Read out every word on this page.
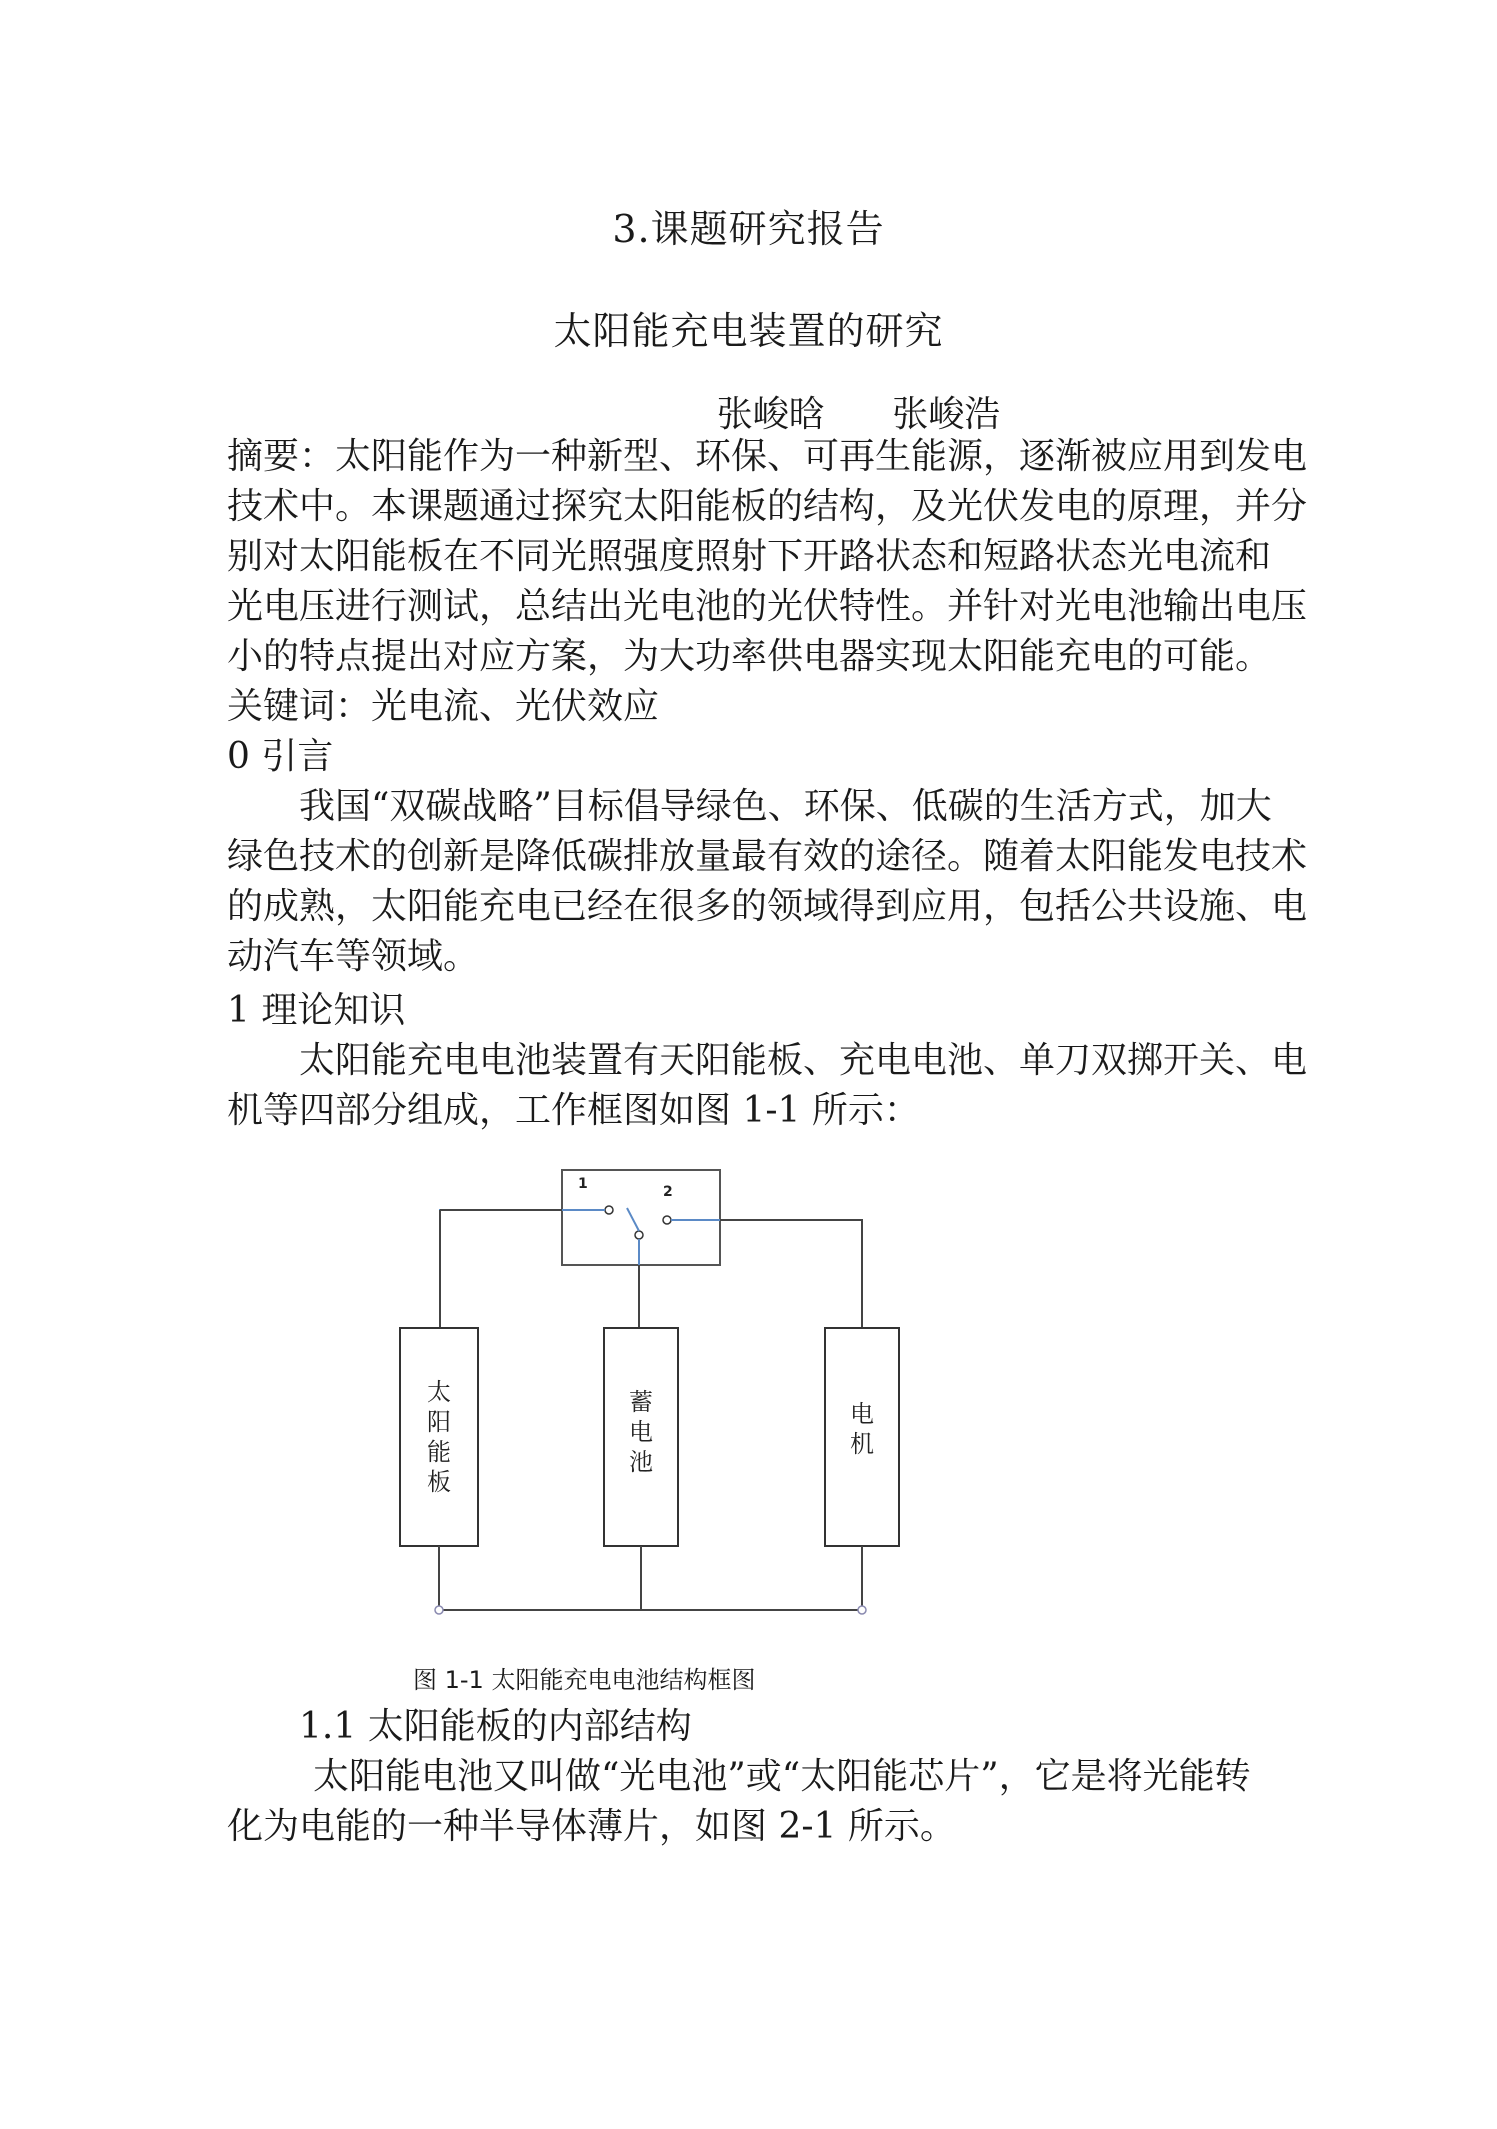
3.课题研究报告
太阳能充电装置的研究
张峻晗 张峻浩
摘要：太阳能作为一种新型、环保、可再生能源，逐渐被应用到发电
技术中。本课题通过探究太阳能板的结构，及光伏发电的原理，并分
别对太阳能板在不同光照强度照射下开路状态和短路状态光电流和
光电压进行测试，总结出光电池的光伏特性。并针对光电池输出电压
小的特点提出对应方案，为大功率供电器实现太阳能充电的可能。
关键词：光电流、光伏效应
0 引言
我国“双碳战略”目标倡导绿色、环保、低碳的生活方式，加大
绿色技术的创新是降低碳排放量最有效的途径。随着太阳能发电技术
的成熟，太阳能充电已经在很多的领域得到应用，包括公共设施、电
动汽车等领域。
1 理论知识
太阳能充电电池装置有天阳能板、充电电池、单刀双掷开关、电
机等四部分组成，工作框图如图 1-1 所示：
1	2
太
阳
能
板
蓄
电
池
电
机
图 1-1 太阳能充电电池结构框图
1.1 太阳能板的内部结构
太阳能电池又叫做“光电池”或“太阳能芯片”，它是将光能转
化为电能的一种半导体薄片，如图 2-1 所示。
